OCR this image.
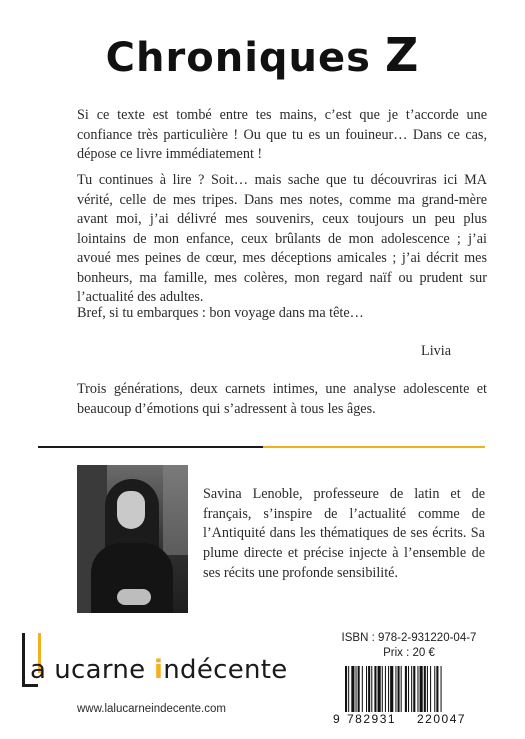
Chroniques Z
Si ce texte est tombé entre tes mains, c’est que je t’accorde une confiance très particulière ! Ou que tu es un fouineur… Dans ce cas, dépose ce livre immédiatement !
Tu continues à lire ? Soit… mais sache que tu découvriras ici MA vérité, celle de mes tripes. Dans mes notes, comme ma grand-mère avant moi, j’ai délivré mes souvenirs, ceux toujours un peu plus lointains de mon enfance, ceux brûlants de mon adolescence ; j’ai avoué mes peines de cœur, mes déceptions amicales ; j’ai décrit mes bonheurs, ma famille, mes colères, mon regard naïf ou prudent sur l’actualité des adultes.
Bref, si tu embarques : bon voyage dans ma tête…
Livia
Trois générations, deux carnets intimes, une analyse adolescente et beaucoup d’émotions qui s’adressent à tous les âges.
Savina Lenoble, professeure de latin et de français, s’inspire de l’actualité comme de l’Antiquité dans les thématiques de ses écrits. Sa plume directe et précise injecte à l’ensemble de ses récits une profonde sensibilité.
a ucarne indécente
www.lalucarneindecente.com
ISBN : 978-2-931220-04-7
Prix : 20 €
9 782931 220047
